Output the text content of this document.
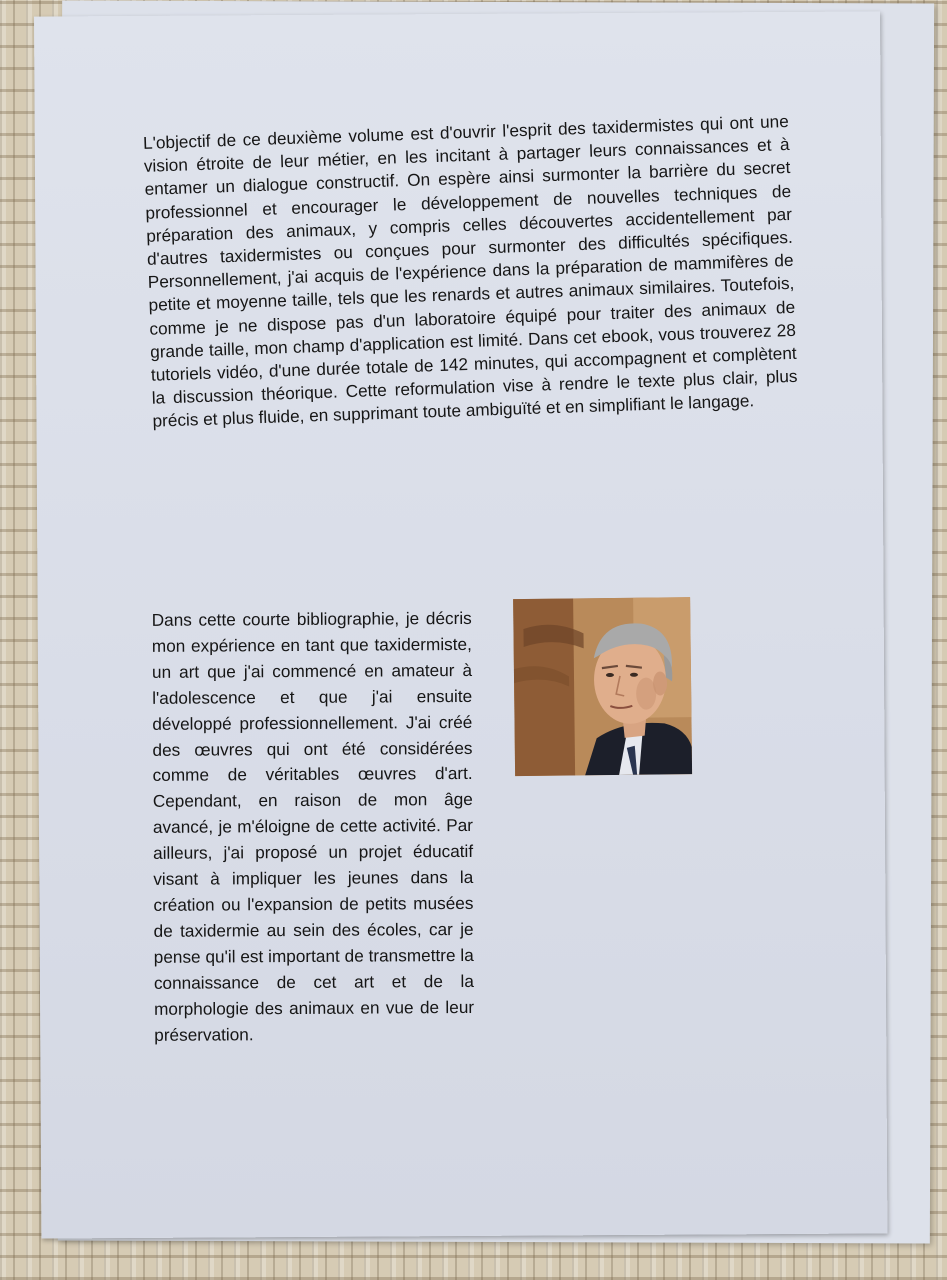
L'objectif de ce deuxième volume est d'ouvrir l'esprit des taxidermistes qui ont une vision étroite de leur métier, en les incitant à partager leurs connaissances et à entamer un dialogue constructif. On espère ainsi surmonter la barrière du secret professionnel et encourager le développement de nouvelles techniques de préparation des animaux, y compris celles découvertes accidentellement par d'autres taxidermistes ou conçues pour surmonter des difficultés spécifiques. Personnellement, j'ai acquis de l'expérience dans la préparation de mammifères de petite et moyenne taille, tels que les renards et autres animaux similaires. Toutefois, comme je ne dispose pas d'un laboratoire équipé pour traiter des animaux de grande taille, mon champ d'application est limité. Dans cet ebook, vous trouverez 28 tutoriels vidéo, d'une durée totale de 142 minutes, qui accompagnent et complètent la discussion théorique. Cette reformulation vise à rendre le texte plus clair, plus précis et plus fluide, en supprimant toute ambiguïté et en simplifiant le langage.

Dans cette courte bibliographie, je décris mon expérience en tant que taxidermiste, un art que j'ai commencé en amateur à l'adolescence et que j'ai ensuite développé professionnellement. J'ai créé des œuvres qui ont été considérées comme de véritables œuvres d'art. Cependant, en raison de mon âge avancé, je m'éloigne de cette activité. Par ailleurs, j'ai proposé un projet éducatif visant à impliquer les jeunes dans la création ou l'expansion de petits musées de taxidermie au sein des écoles, car je pense qu'il est important de transmettre la connaissance de cet art et de la morphologie des animaux en vue de leur préservation.
